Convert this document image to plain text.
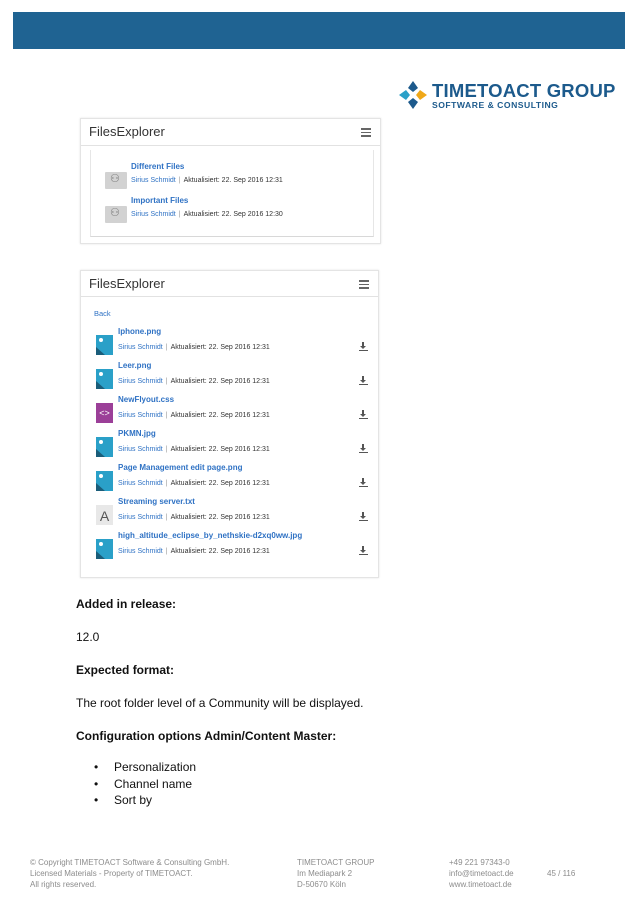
TIMETOACT GROUP
SOFTWARE & CONSULTING
FilesExplorer
⚇
Different Files
Sirius Schmidt | Aktualisiert: 22. Sep 2016 12:31
⚇
Important Files
Sirius Schmidt | Aktualisiert: 22. Sep 2016 12:30
FilesExplorer
Back
Iphone.png
Sirius Schmidt | Aktualisiert: 22. Sep 2016 12:31
Leer.png
Sirius Schmidt | Aktualisiert: 22. Sep 2016 12:31
<>
NewFlyout.css
Sirius Schmidt | Aktualisiert: 22. Sep 2016 12:31
PKMN.jpg
Sirius Schmidt | Aktualisiert: 22. Sep 2016 12:31
Page Management edit page.png
Sirius Schmidt | Aktualisiert: 22. Sep 2016 12:31
A
Streaming server.txt
Sirius Schmidt | Aktualisiert: 22. Sep 2016 12:31
high_altitude_eclipse_by_nethskie-d2xq0ww.jpg
Sirius Schmidt | Aktualisiert: 22. Sep 2016 12:31
Added in release:
12.0
Expected format:
The root folder level of a Community will be displayed.
Configuration options Admin/Content Master:
• Personalization
• Channel name
• Sort by
© Copyright TIMETOACT Software & Consulting GmbH.
Licensed Materials - Property of TIMETOACT.
All rights reserved.
TIMETOACT GROUP
Im Mediapark 2
D-50670 Köln
+49 221 97343-0
info@timetoact.de
www.timetoact.de
45 / 116
